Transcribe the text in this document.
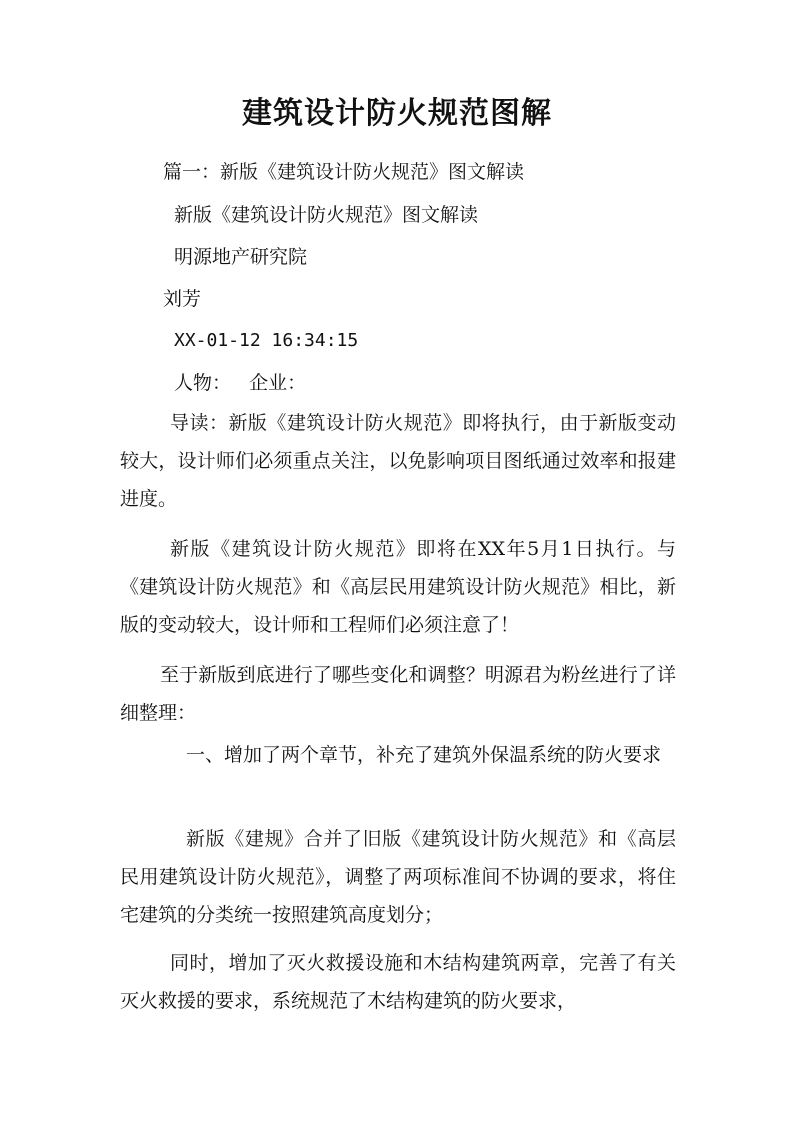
建筑设计防火规范图解
篇一：新版《建筑设计防火规范》图文解读
新版《建筑设计防火规范》图文解读
明源地产研究院
刘芳
XX-01-12 16:34:15
人物：   企业：
导读：新版《建筑设计防火规范》即将执行，由于新版变动较大，设计师们必须重点关注，以免影响项目图纸通过效率和报建进度。
新版《建筑设计防火规范》即将在XX年5月1日执行。与《建筑设计防火规范》和《高层民用建筑设计防火规范》相比，新版的变动较大，设计师和工程师们必须注意了！
至于新版到底进行了哪些变化和调整？明源君为粉丝进行了详细整理：
一、增加了两个章节，补充了建筑外保温系统的防火要求
新版《建规》合并了旧版《建筑设计防火规范》和《高层民用建筑设计防火规范》，调整了两项标准间不协调的要求，将住宅建筑的分类统一按照建筑高度划分；
同时，增加了灭火救援设施和木结构建筑两章，完善了有关灭火救援的要求，系统规范了木结构建筑的防火要求，
